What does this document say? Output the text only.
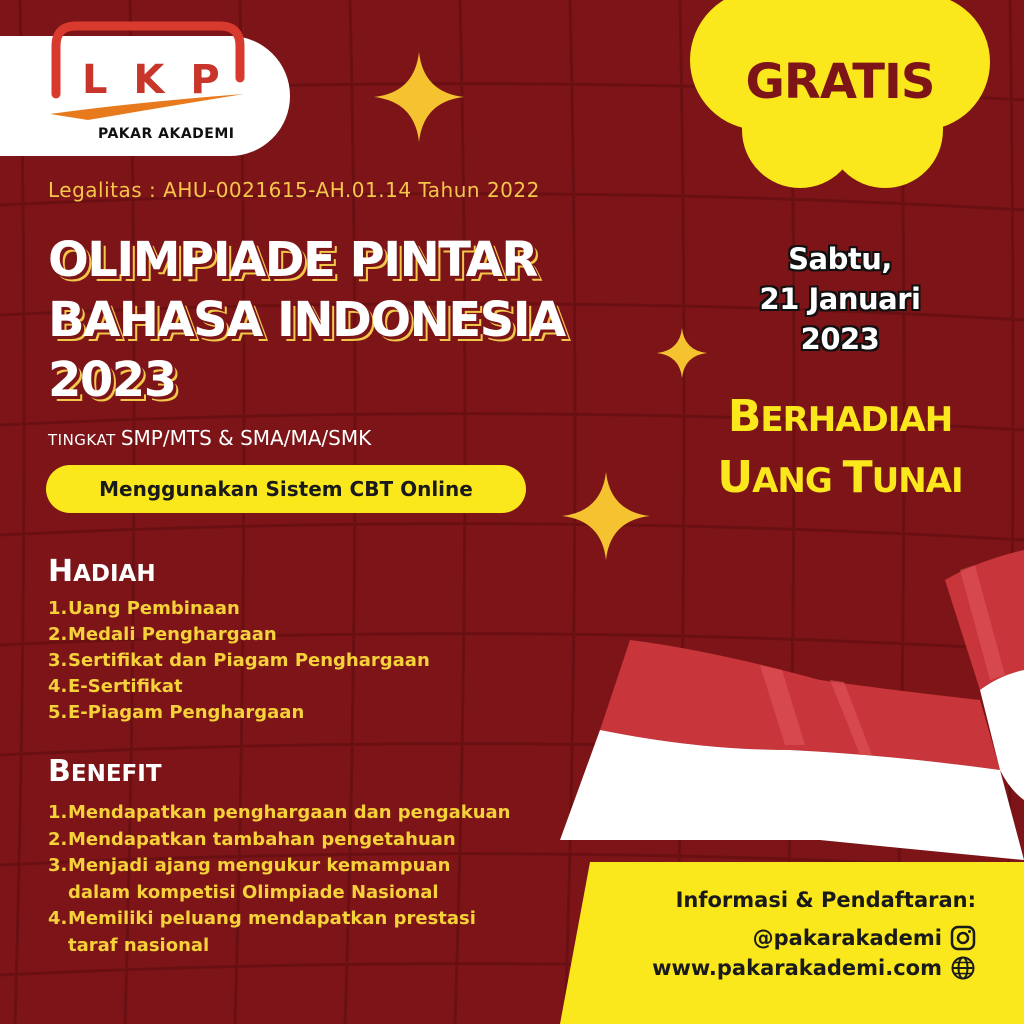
L K P
PAKAR AKADEMI
Legalitas : AHU-0021615-AH.01.14 Tahun 2022
OLIMPIADE PINTAR
BAHASA INDONESIA
2023
TINGKAT SMP/MTS & SMA/MA/SMK
Menggunakan Sistem CBT Online
HADIAH
1. Uang Pembinaan
2. Medali Penghargaan
3. Sertifikat dan Piagam Penghargaan
4. E-Sertifikat
5. E-Piagam Penghargaan
BENEFIT
1. Mendapatkan penghargaan dan pengakuan
2. Mendapatkan tambahan pengetahuan
3. Menjadi ajang mengukur kemampuan
dalam kompetisi Olimpiade Nasional
4. Memiliki peluang mendapatkan prestasi
taraf nasional
GRATIS
Sabtu,
21 Januari
2023
BERHADIAH
UANG TUNAI
Informasi & Pendaftaran:
@pakarakademi
www.pakarakademi.com
